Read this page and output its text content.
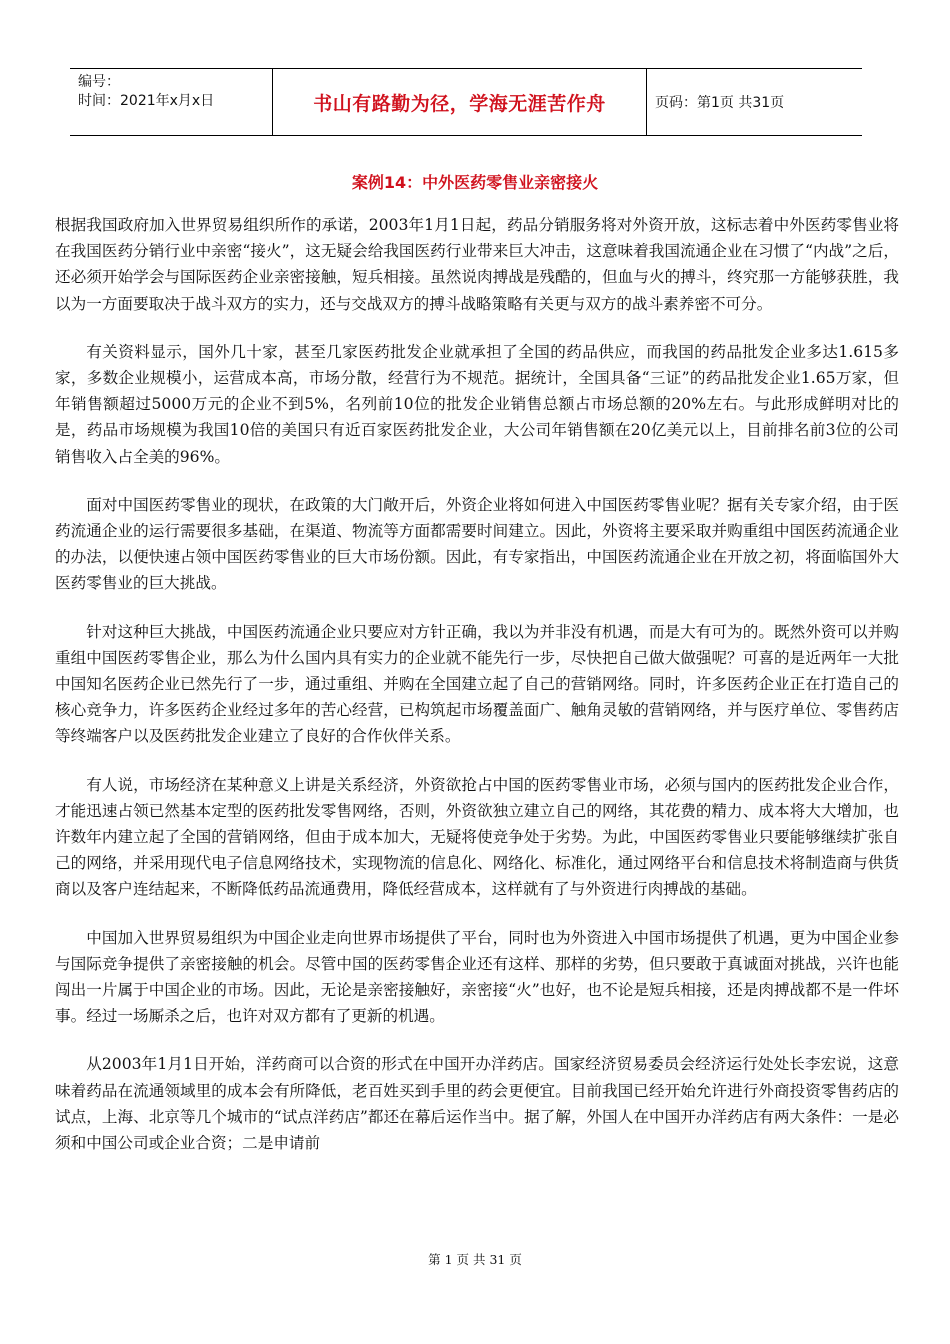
编号：
时间：2021年x月x日	书山有路勤为径，学海无涯苦作舟	页码：第1页 共31页
案例14：中外医药零售业亲密接火

根据我国政府加入世界贸易组织所作的承诺，2003年1月1日起，药品分销服务将对外资开放，这标志着中外医药零售业将在我国医药分销行业中亲密“接火”，这无疑会给我国医药行业带来巨大冲击，这意味着我国流通企业在习惯了“内战”之后，还必须开始学会与国际医药企业亲密接触，短兵相接。虽然说肉搏战是残酷的，但血与火的搏斗，终究那一方能够获胜，我以为一方面要取决于战斗双方的实力，还与交战双方的搏斗战略策略有关更与双方的战斗素养密不可分。

有关资料显示，国外几十家，甚至几家医药批发企业就承担了全国的药品供应，而我国的药品批发企业多达1.615多家，多数企业规模小，运营成本高，市场分散，经营行为不规范。据统计，全国具备“三证”的药品批发企业1.65万家，但年销售额超过5000万元的企业不到5%，名列前10位的批发企业销售总额占市场总额的20%左右。与此形成鲜明对比的是，药品市场规模为我国10倍的美国只有近百家医药批发企业，大公司年销售额在20亿美元以上，目前排名前3位的公司销售收入占全美的96%。

面对中国医药零售业的现状，在政策的大门敞开后，外资企业将如何进入中国医药零售业呢？据有关专家介绍，由于医药流通企业的运行需要很多基础，在渠道、物流等方面都需要时间建立。因此，外资将主要采取并购重组中国医药流通企业的办法，以便快速占领中国医药零售业的巨大市场份额。因此，有专家指出，中国医药流通企业在开放之初，将面临国外大医药零售业的巨大挑战。

针对这种巨大挑战，中国医药流通企业只要应对方针正确，我以为并非没有机遇，而是大有可为的。既然外资可以并购重组中国医药零售企业，那么为什么国内具有实力的企业就不能先行一步，尽快把自己做大做强呢？可喜的是近两年一大批中国知名医药企业已然先行了一步，通过重组、并购在全国建立起了自己的营销网络。同时，许多医药企业正在打造自己的核心竞争力，许多医药企业经过多年的苦心经营，已构筑起市场覆盖面广、触角灵敏的营销网络，并与医疗单位、零售药店等终端客户以及医药批发企业建立了良好的合作伙伴关系。

有人说，市场经济在某种意义上讲是关系经济，外资欲抢占中国的医药零售业市场，必须与国内的医药批发企业合作，才能迅速占领已然基本定型的医药批发零售网络，否则，外资欲独立建立自己的网络，其花费的精力、成本将大大增加，也许数年内建立起了全国的营销网络，但由于成本加大，无疑将使竞争处于劣势。为此，中国医药零售业只要能够继续扩张自己的网络，并采用现代电子信息网络技术，实现物流的信息化、网络化、标准化，通过网络平台和信息技术将制造商与供货商以及客户连结起来，不断降低药品流通费用，降低经营成本，这样就有了与外资进行肉搏战的基础。

中国加入世界贸易组织为中国企业走向世界市场提供了平台，同时也为外资进入中国市场提供了机遇，更为中国企业参与国际竞争提供了亲密接触的机会。尽管中国的医药零售企业还有这样、那样的劣势，但只要敢于真诚面对挑战，兴许也能闯出一片属于中国企业的市场。因此，无论是亲密接触好，亲密接“火”也好，也不论是短兵相接，还是肉搏战都不是一件坏事。经过一场厮杀之后，也许对双方都有了更新的机遇。

从2003年1月1日开始，洋药商可以合资的形式在中国开办洋药店。国家经济贸易委员会经济运行处处长李宏说，这意味着药品在流通领域里的成本会有所降低，老百姓买到手里的药会更便宜。目前我国已经开始允许进行外商投资零售药店的试点，上海、北京等几个城市的“试点洋药店”都还在幕后运作当中。据了解，外国人在中国开办洋药店有两大条件：一是必须和中国公司或企业合资；二是申请前

第 1 页 共 31 页
